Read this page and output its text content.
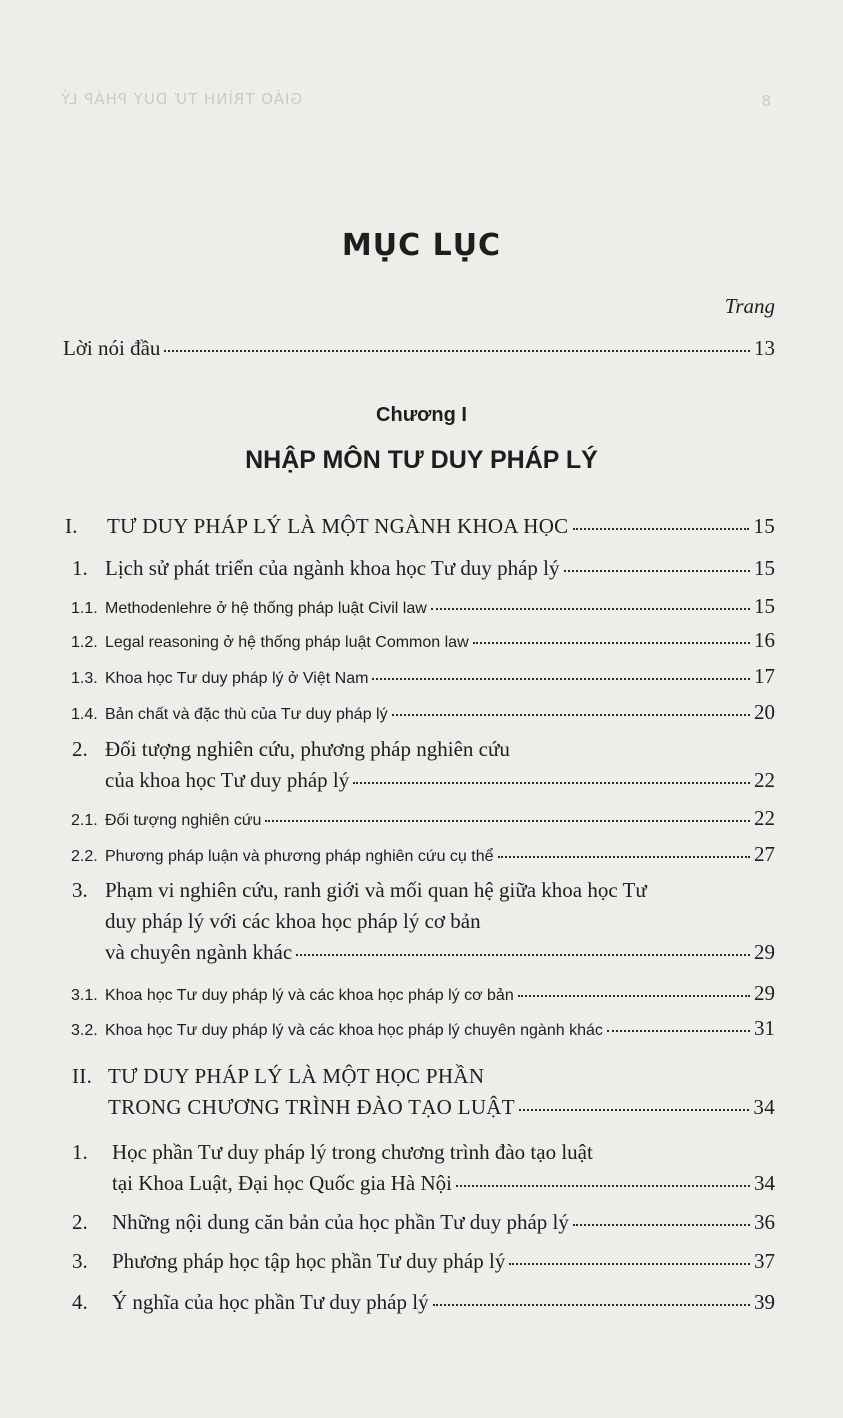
GIÁO TRÌNH TƯ DUY PHÁP LÝ	8
MỤC LỤC
Trang
Lời nói đầu	13
Chương I
NHẬP MÔN TƯ DUY PHÁP LÝ
I.	TƯ DUY PHÁP LÝ LÀ MỘT NGÀNH KHOA HỌC	15
1. Lịch sử phát triển của ngành khoa học Tư duy pháp lý	15
1.1. Methodenlehre ở hệ thống pháp luật Civil law	15
1.2. Legal reasoning ở hệ thống pháp luật Common law	16
1.3. Khoa học Tư duy pháp lý ở Việt Nam	17
1.4. Bản chất và đặc thù của Tư duy pháp lý	20
2. Đối tượng nghiên cứu, phương pháp nghiên cứu
của khoa học Tư duy pháp lý	22
2.1. Đối tượng nghiên cứu	22
2.2. Phương pháp luận và phương pháp nghiên cứu cụ thể	27
3. Phạm vi nghiên cứu, ranh giới và mối quan hệ giữa khoa học Tư
duy pháp lý với các khoa học pháp lý cơ bản
và chuyên ngành khác	29
3.1. Khoa học Tư duy pháp lý và các khoa học pháp lý cơ bản	29
3.2. Khoa học Tư duy pháp lý và các khoa học pháp lý chuyên ngành khác	31
II. TƯ DUY PHÁP LÝ LÀ MỘT HỌC PHẦN
TRONG CHƯƠNG TRÌNH ĐÀO TẠO LUẬT	34
1. Học phần Tư duy pháp lý trong chương trình đào tạo luật
tại Khoa Luật, Đại học Quốc gia Hà Nội	34
2.	Những nội dung căn bản của học phần Tư duy pháp lý	36
3.	Phương pháp học tập học phần Tư duy pháp lý	37
4.	Ý nghĩa của học phần Tư duy pháp lý	39
